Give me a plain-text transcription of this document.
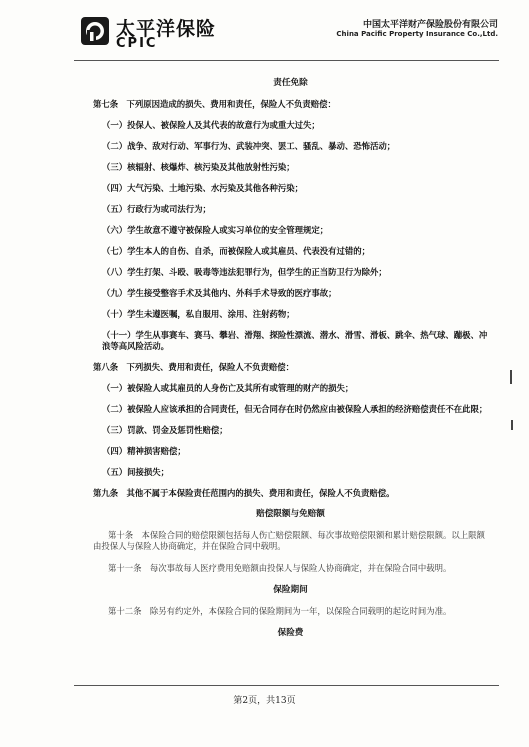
太平洋保险
CPIC
中国太平洋财产保险股份有限公司
China Pacific Property Insurance Co.,Ltd.
责任免除
第七条　下列原因造成的损失、费用和责任，保险人不负责赔偿：
（一）投保人、被保险人及其代表的故意行为或重大过失；
（二）战争、敌对行动、军事行为、武装冲突、罢工、骚乱、暴动、恐怖活动；
（三）核辐射、核爆炸、核污染及其他放射性污染；
（四）大气污染、土地污染、水污染及其他各种污染；
（五）行政行为或司法行为；
（六）学生故意不遵守被保险人或实习单位的安全管理规定；
（七）学生本人的自伤、自杀，而被保险人或其雇员、代表没有过错的；
（八）学生打架、斗殴、吸毒等违法犯罪行为，但学生的正当防卫行为除外；
（九）学生接受整容手术及其他内、外科手术导致的医疗事故；
（十）学生未遵医嘱，私自服用、涂用、注射药物；
（十一）学生从事赛车、赛马、攀岩、滑翔、探险性漂流、潜水、滑雪、滑板、跳伞、热气球、蹦极、冲浪等高风险活动。
第八条　下列损失、费用和责任，保险人不负责赔偿：
（一）被保险人或其雇员的人身伤亡及其所有或管理的财产的损失；
（二）被保险人应该承担的合同责任，但无合同存在时仍然应由被保险人承担的经济赔偿责任不在此限；
（三）罚款、罚金及惩罚性赔偿；
（四）精神损害赔偿；
（五）间接损失；
第九条　其他不属于本保险责任范围内的损失、费用和责任，保险人不负责赔偿。
赔偿限额与免赔额
第十条　本保险合同的赔偿限额包括每人伤亡赔偿限额、每次事故赔偿限额和累计赔偿限额。以上限额由投保人与保险人协商确定，并在保险合同中载明。
第十一条　每次事故每人医疗费用免赔额由投保人与保险人协商确定，并在保险合同中载明。
保险期间
第十二条　除另有约定外，本保险合同的保险期间为一年，以保险合同载明的起讫时间为准。
保险费
第2页，共13页
